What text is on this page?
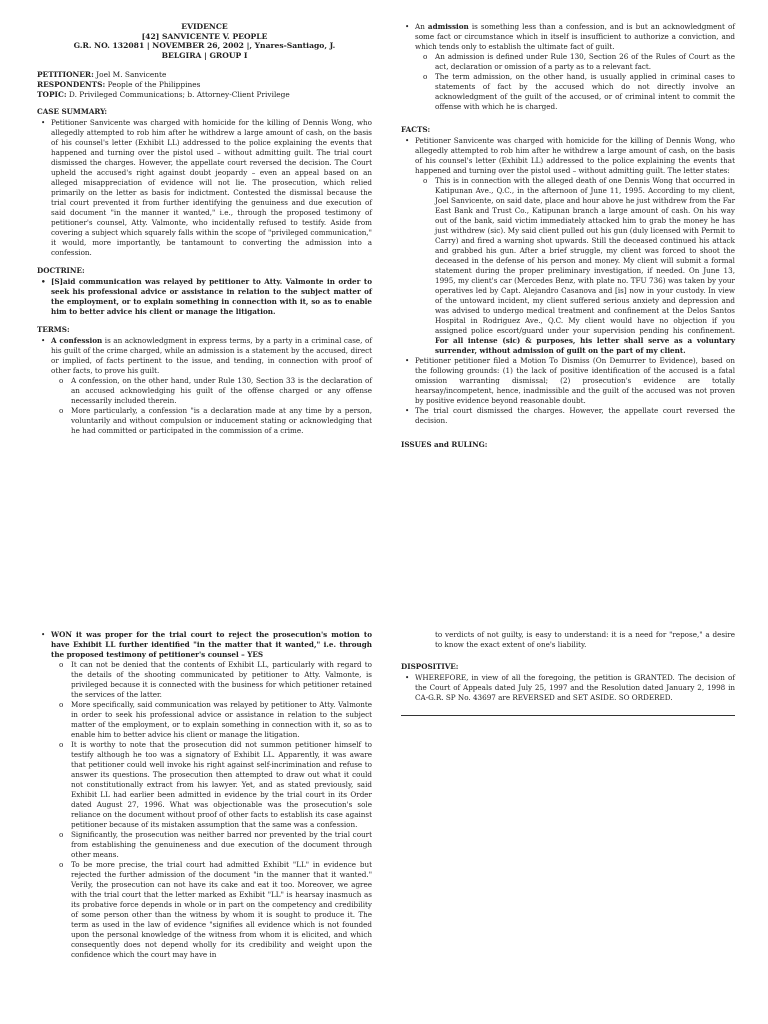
EVIDENCE

[42] SANVICENTE V. PEOPLE

G.R. NO. 132081 | NOVEMBER 26, 2002 |, Ynares-Santiago, J.

BELGIRA | GROUP I

PETITIONER: Joel M. Sanvicente

RESPONDENTS: People of the Philippines

TOPIC: D. Privileged Communications; b. Attorney-Client Privilege

CASE SUMMARY:

• Petitioner Sanvicente was charged with homicide for the killing of Dennis Wong, who allegedly attempted to rob him after he withdrew a large amount of cash, on the basis of his counsel's letter (Exhibit LL) addressed to the police explaining the events that happened and turning over the pistol used – without admitting guilt. The trial court dismissed the charges. However, the appellate court reversed the decision. The Court upheld the accused's right against doubt jeopardy – even an appeal based on an alleged misappreciation of evidence will not lie. The prosecution, which relied primarily on the letter as basis for indictment. Contested the dismissal because the trial court prevented it from further identifying the genuiness and due execution of said document "in the manner it wanted," i.e., through the proposed testimony of petitioner's counsel, Atty. Valmonte, who incidentally refused to testify. Aside from covering a subject which squarely falls within the scope of "privileged communication," it would, more importantly, be tantamount to converting the admission into a confession.

DOCTRINE:

• [S]aid communication was relayed by petitioner to Atty. Valmonte in order to seek his professional advice or assistance in relation to the subject matter of the employment, or to explain something in connection with it, so as to enable him to better advice his client or manage the litigation.

TERMS:

• A confession is an acknowledgment in express terms, by a party in a criminal case, of his guilt of the crime charged, while an admission is a statement by the accused, direct or implied, of facts pertinent to the issue, and tending, in connection with proof of other facts, to prove his guilt.
o A confession, on the other hand, under Rule 130, Section 33 is the declaration of an accused acknowledging his guilt of the offense charged or any offense necessarily included therein.
o More particularly, a confession "is a declaration made at any time by a person, voluntarily and without compulsion or inducement stating or acknowledging that he had committed or participated in the commission of a crime.
• An admission is something less than a confession, and is but an acknowledgment of some fact or circumstance which in itself is insufficient to authorize a conviction, and which tends only to establish the ultimate fact of guilt.
o An admission is defined under Rule 130, Section 26 of the Rules of Court as the act, declaration or omission of a party as to a relevant fact.
o The term admission, on the other hand, is usually applied in criminal cases to statements of fact by the accused which do not directly involve an acknowledgment of the guilt of the accused, or of criminal intent to commit the offense with which he is charged.

FACTS:

• Petitioner Sanvicente was charged with homicide for the killing of Dennis Wong, who allegedly attempted to rob him after he withdrew a large amount of cash, on the basis of his counsel's letter (Exhibit LL) addressed to the police explaining the events that happened and turning over the pistol used – without admitting guilt. The letter states:
o This is in connection with the alleged death of one Dennis Wong that occurred in Katipunan Ave., Q.C., in the afternoon of June 11, 1995. According to my client, Joel Sanvicente, on said date, place and hour above he just withdrew from the Far East Bank and Trust Co., Katipunan branch a large amount of cash. On his way out of the bank, said victim immediately attacked him to grab the money he has just withdrew (sic). My said client pulled out his gun (duly licensed with Permit to Carry) and fired a warning shot upwards. Still the deceased continued his attack and grabbed his gun. After a brief struggle, my client was forced to shoot the deceased in the defense of his person and money. My client will submit a formal statement during the proper preliminary investigation, if needed. On June 13, 1995, my client's car (Mercedes Benz, with plate no. TFU 736) was taken by your operatives led by Capt. Alejandro Casanova and [is] now in your custody. In view of the untoward incident, my client suffered serious anxiety and depression and was advised to undergo medical treatment and confinement at the Delos Santos Hospital in Rodriguez Ave., Q.C. My client would have no objection if you assigned police escort/guard under your supervision pending his confinement. For all intense (sic) & purposes, his letter shall serve as a voluntary surrender, without admission of guilt on the part of my client.
• Petitioner petitioner filed a Motion To Dismiss (On Demurrer to Evidence), based on the following grounds: (1) the lack of positive identification of the accused is a fatal omission warranting dismissal; (2) prosecution's evidence are totally hearsay/incompetent, hence, inadmissible and the guilt of the accused was not proven by positive evidence beyond reasonable doubt.
• The trial court dismissed the charges. However, the appellate court reversed the decision.

ISSUES and RULING:

• WON it was proper for the trial court to reject the prosecution's motion to have Exhibit LL further identified "in the matter that it wanted," i.e. through the proposed testimony of petitioner's counsel – YES
o It can not be denied that the contents of Exhibit LL, particularly with regard to the details of the shooting communicated by petitioner to Atty. Valmonte, is privileged because it is connected with the business for which petitioner retained the services of the latter.
o More specifically, said communication was relayed by petitioner to Atty. Valmonte in order to seek his professional advice or assistance in relation to the subject matter of the employment, or to explain something in connection with it, so as to enable him to better advice his client or manage the litigation.
o It is worthy to note that the prosecution did not summon petitioner himself to testify although he too was a signatory of Exhibit LL. Apparently, it was aware that petitioner could well invoke his right against self-incrimination and refuse to answer its questions. The prosecution then attempted to draw out what it could not constitutionally extract from his lawyer. Yet, and as stated previously, said Exhibit LL had earlier been admitted in evidence by the trial court in its Order dated August 27, 1996. What was objectionable was the prosecution's sole reliance on the document without proof of other facts to establish its case against petitioner because of its mistaken assumption that the same was a confession.
o Significantly, the prosecution was neither barred nor prevented by the trial court from establishing the genuineness and due execution of the document through other means.
o To be more precise, the trial court had admitted Exhibit "LL" in evidence but rejected the further admission of the document "in the manner that it wanted." Verily, the prosecution can not have its cake and eat it too. Moreover, we agree with the trial court that the letter marked as Exhibit "LL" is hearsay inasmuch as its probative force depends in whole or in part on the competency and credibility of some person other than the witness by whom it is sought to produce it. The term as used in the law of evidence "signifies all evidence which is not founded upon the personal knowledge of the witness from whom it is elicited, and which consequently does not depend wholly for its credibility and weight upon the confidence which the court may have in

to verdicts of not guilty, is easy to understand: it is a need for "repose," a desire to know the exact extent of one's liability.

DISPOSITIVE:

• WHEREFORE, in view of all the foregoing, the petition is GRANTED. The decision of the Court of Appeals dated July 25, 1997 and the Resolution dated January 2, 1998 in CA-G.R. SP No. 43697 are REVERSED and SET ASIDE. SO ORDERED.
